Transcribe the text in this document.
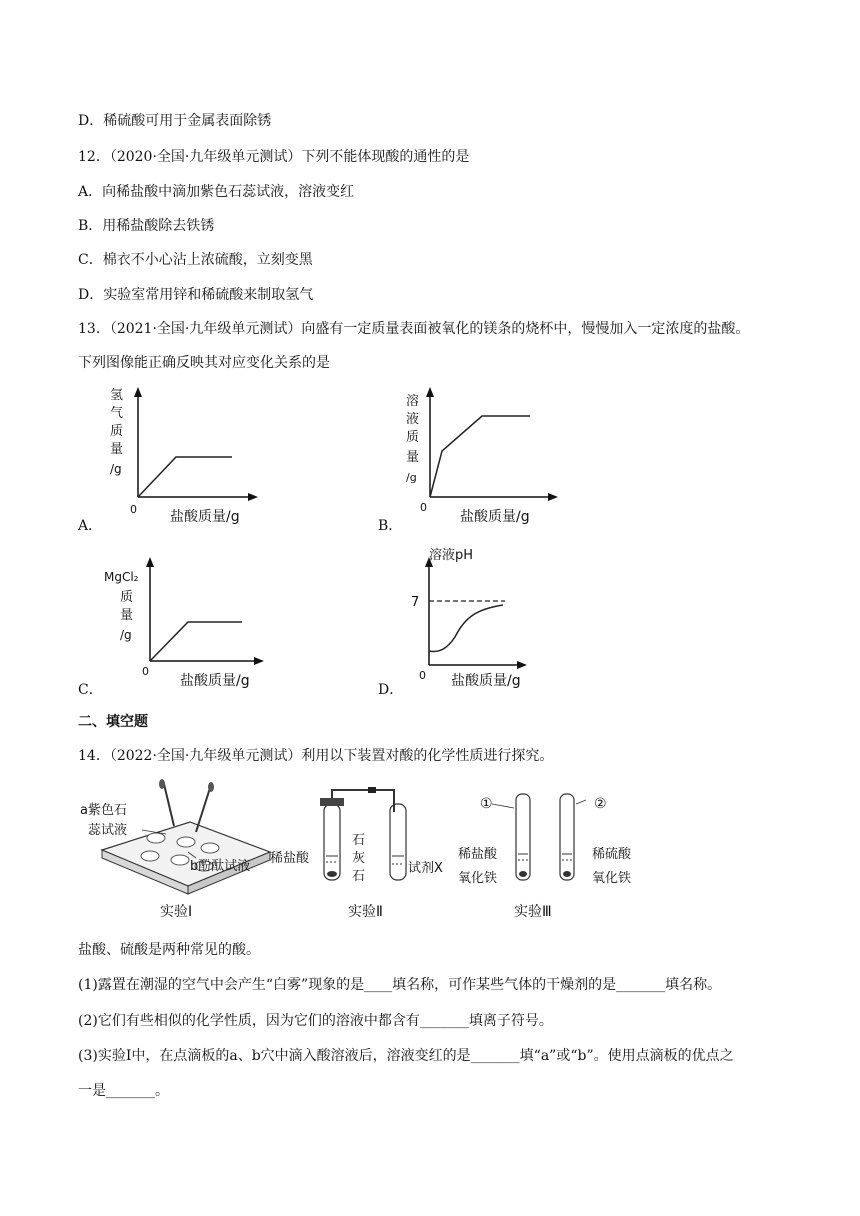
D．稀硫酸可用于金属表面除锈
12．（2020·全国·九年级单元测试）下列不能体现酸的通性的是
A．向稀盐酸中滴加紫色石蕊试液，溶液变红
B．用稀盐酸除去铁锈
C．棉衣不小心沾上浓硫酸，立刻变黑
D．实验室常用锌和稀硫酸来制取氢气
13．（2021·全国·九年级单元测试）向盛有一定质量表面被氧化的镁条的烧杯中，慢慢加入一定浓度的盐酸。
下列图像能正确反映其对应变化关系的是
氢
气
质
量
/g
0 盐酸质量/g
A．
溶
液
质
量
/g
0
盐酸质量/g
B．
MgCl₂
质
量
/g
0
盐酸质量/g
C．
溶液pH
7
0 盐酸质量/g
D．
二、填空题
14．（2022·全国·九年级单元测试）利用以下装置对酸的化学性质进行探究。
a紫色石
蕊试液
b酚酞试液
实验Ⅰ
稀盐酸
石
灰
石
试剂X
实验Ⅱ
①	②
稀盐酸
氧化铁
稀硫酸
氧化铁
实验Ⅲ
盐酸、硫酸是两种常见的酸。
(1)露置在潮湿的空气中会产生“白雾”现象的是____填名称，可作某些气体的干燥剂的是_______填名称。
(2)它们有些相似的化学性质，因为它们的溶液中都含有_______填离子符号。
(3)实验I中，在点滴板的a、b穴中滴入酸溶液后，溶液变红的是_______填“a”或“b”。使用点滴板的优点之
一是_______。
